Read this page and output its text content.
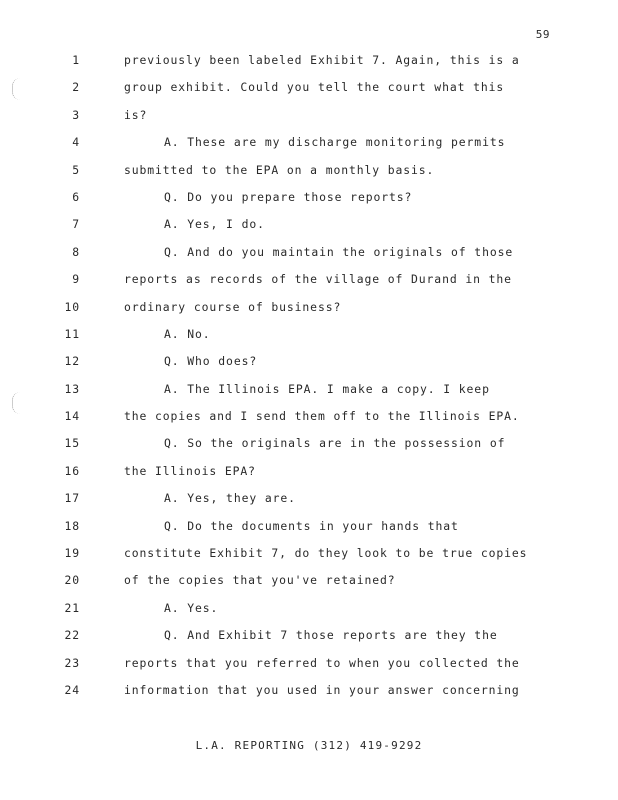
59
1	previously been labeled Exhibit 7. Again, this is a
2	group exhibit. Could you tell the court what this
3	is?
4	A. These are my discharge monitoring permits
5	submitted to the EPA on a monthly basis.
6	Q. Do you prepare those reports?
7	A. Yes, I do.
8	Q. And do you maintain the originals of those
9	reports as records of the village of Durand in the
10	ordinary course of business?
11	A. No.
12	Q. Who does?
13	A. The Illinois EPA. I make a copy. I keep
14	the copies and I send them off to the Illinois EPA.
15	Q. So the originals are in the possession of
16	the Illinois EPA?
17	A. Yes, they are.
18	Q. Do the documents in your hands that
19	constitute Exhibit 7, do they look to be true copies
20	of the copies that you've retained?
21	A. Yes.
22	Q. And Exhibit 7 those reports are they the
23	reports that you referred to when you collected the
24	information that you used in your answer concerning
L.A. REPORTING (312) 419-9292
